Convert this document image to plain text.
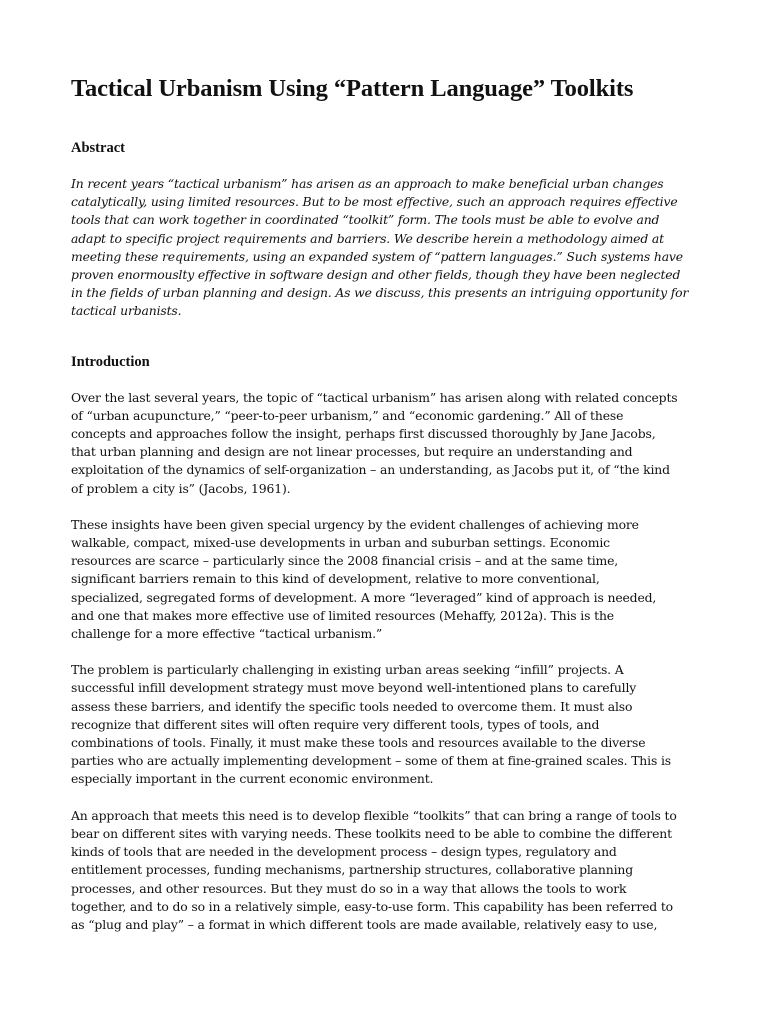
Tactical Urbanism Using “Pattern Language” Toolkits
Abstract

In recent years “tactical urbanism” has arisen as an approach to make beneficial urban changes
catalytically, using limited resources. But to be most effective, such an approach requires effective
tools that can work together in coordinated “toolkit” form. The tools must be able to evolve and
adapt to specific project requirements and barriers. We describe herein a methodology aimed at
meeting these requirements, using an expanded system of “pattern languages.” Such systems have
proven enormouslty effective in software design and other fields, though they have been neglected
in the fields of urban planning and design. As we discuss, this presents an intriguing opportunity for
tactical urbanists.

Introduction

Over the last several years, the topic of “tactical urbanism” has arisen along with related concepts
of “urban acupuncture,” “peer-to-peer urbanism,” and “economic gardening.” All of these
concepts and approaches follow the insight, perhaps first discussed thoroughly by Jane Jacobs,
that urban planning and design are not linear processes, but require an understanding and
exploitation of the dynamics of self-organization – an understanding, as Jacobs put it, of “the kind
of problem a city is” (Jacobs, 1961).

These insights have been given special urgency by the evident challenges of achieving more
walkable, compact, mixed-use developments in urban and suburban settings. Economic
resources are scarce – particularly since the 2008 financial crisis – and at the same time,
significant barriers remain to this kind of development, relative to more conventional,
specialized, segregated forms of development. A more “leveraged” kind of approach is needed,
and one that makes more effective use of limited resources (Mehaffy, 2012a). This is the
challenge for a more effective “tactical urbanism.”

The problem is particularly challenging in existing urban areas seeking “infill” projects. A
successful infill development strategy must move beyond well-intentioned plans to carefully
assess these barriers, and identify the specific tools needed to overcome them. It must also
recognize that different sites will often require very different tools, types of tools, and
combinations of tools. Finally, it must make these tools and resources available to the diverse
parties who are actually implementing development – some of them at fine-grained scales. This is
especially important in the current economic environment.

An approach that meets this need is to develop flexible “toolkits” that can bring a range of tools to
bear on different sites with varying needs. These toolkits need to be able to combine the different
kinds of tools that are needed in the development process – design types, regulatory and
entitlement processes, funding mechanisms, partnership structures, collaborative planning
processes, and other resources. But they must do so in a way that allows the tools to work
together, and to do so in a relatively simple, easy-to-use form. This capability has been referred to
as “plug and play” – a format in which different tools are made available, relatively easy to use,
